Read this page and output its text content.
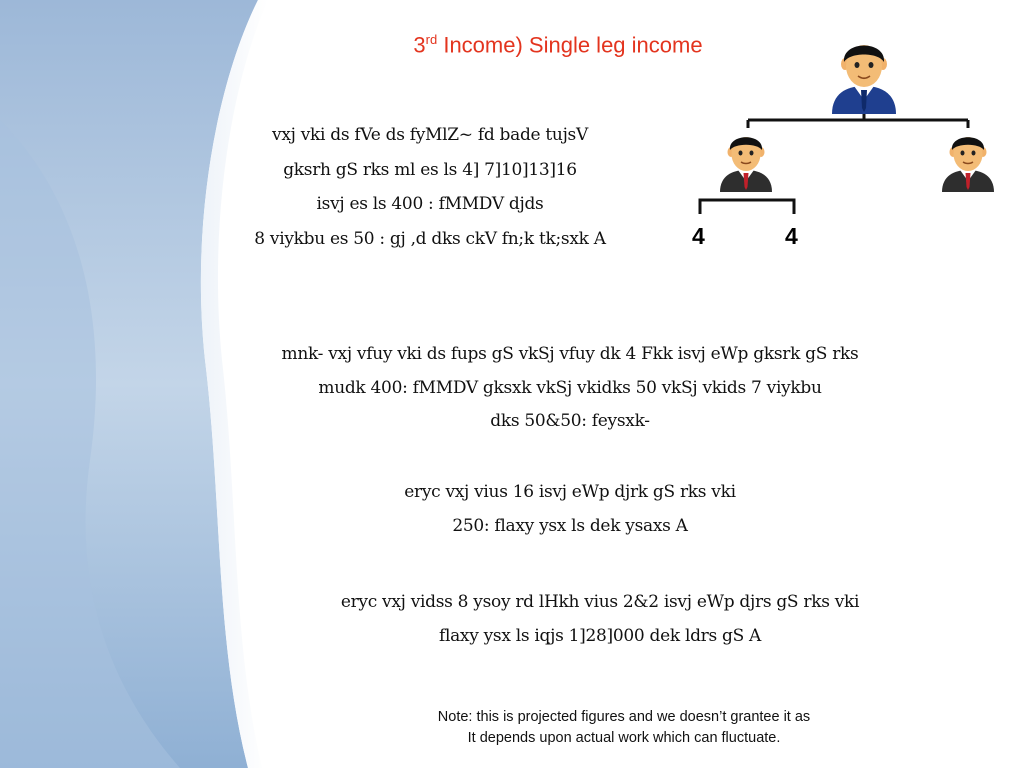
3rd Income) Single leg income
vxj vki ds fVe ds fyMlZ~ fd bade tujsV
gksrh gS rks ml es ls 4] 7]10]13]16
isvj es ls 400 : fMMDV djds
8 viykbu es 50 : gj ,d dks ckV fn;k tk;sxk A	4	4
mnk- vxj vfuy vki ds fups gS vkSj vfuy dk 4 Fkk isvj eWp gksrk gS rks
mudk 400: fMMDV gksxk vkSj vkidks 50 vkSj vkids 7 viykbu
dks 50&50: feysxk-
eryc vxj vius 16 isvj eWp djrk gS rks vki
250: flaxy ysx ls dek ysaxs A
eryc vxj vidss 8 ysoy rd lHkh vius 2&2 isvj eWp djrs gS rks vki
flaxy ysx ls iqjs 1]28]000 dek ldrs gS A
Note: this is projected figures and we doesn’t grantee it as
It depends upon actual work which can fluctuate.
